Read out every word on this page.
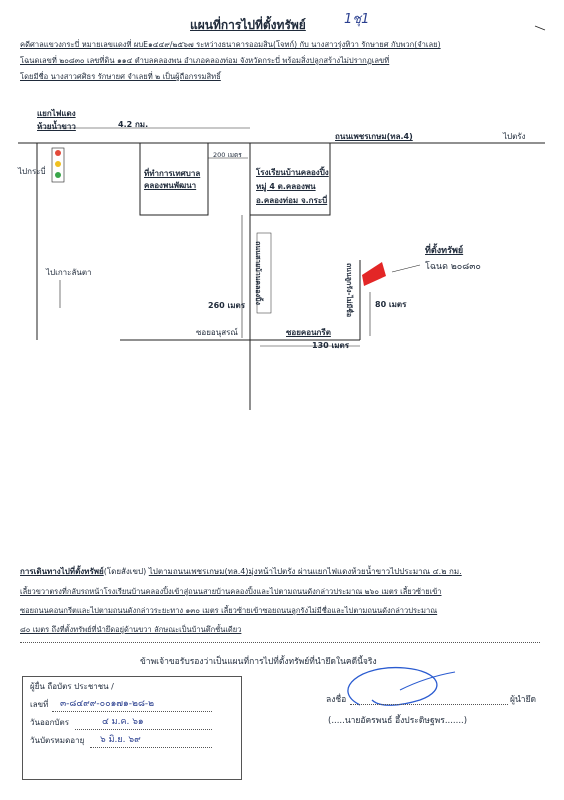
แผนที่การไปที่ตั้งทรัพย์	1ชุ1
คดีศาลแขวงกระบี่ หมายเลขแดงที่ ผบE๑๔๔๙/๒๕๖๗ ระหว่างธนาคารออมสิน(โจทก์) กับ นางสาวรุ่งทิวา รักษายศ กับพวก(จำเลย)
โฉนดเลขที่ ๒๐๘๓๐ เลขที่ดิน ๑๑๔ ตำบลคลองพน อำเภอคลองท่อม จังหวัดกระบี่ พร้อมสิ่งปลูกสร้างไม่ปรากฏเลขที่
โดยมีชื่อ นางสาวศศิธร รักษายศ จำเลยที่ ๒ เป็นผู้ถือกรรมสิทธิ์
แยกไฟแดง
ห้วยน้ำขาว	4.2 กม.
ถนนเพชรเกษม(ทล.4)	ไปตรัง
ไปกระบี่
ไปเกาะลันตา
ที่ทำการเทศบาล คลองพนพัฒนา
200 เมตร
โรงเรียนบ้านคลองปิ้ง
หมู่ 4 ต.คลองพน
อ.คลองท่อม จ.กระบี่
ถนนสายบ้านคลองปิ้ง
260 เมตร
ซอยอนุสรณ์	ซอยคอนกรีต
130 เมตร
ถนนลูกรัง-ไม่มีชื่อ	80 เมตร
ที่ตั้งทรัพย์
โฉนด ๒๐๘๓๐
การเดินทางไปที่ตั้งทรัพย์(โดยสังเขป) ไปตามถนนเพชรเกษม(ทล.4)มุ่งหน้าไปตรัง ผ่านแยกไฟแดงห้วยน้ำขาวไปประมาณ ๔.๒ กม.
เลี้ยวขวาตรงที่กลับรถหน้าโรงเรียนบ้านคลองปิ้งเข้าสู่ถนนสายบ้านคลองปิ้งและไปตามถนนดังกล่าวประมาณ ๒๖๐ เมตร เลี้ยวซ้ายเข้า
ซอยถนนคอนกรีตและไปตามถนนดังกล่าวระยะทาง ๑๓๐ เมตร เลี้ยวซ้ายเข้าซอยถนนลูกรังไม่มีชื่อและไปตามถนนดังกล่าวประมาณ
๘๐ เมตร ถึงที่ตั้งทรัพย์ที่นำยึดอยู่ด้านขวา ลักษณะเป็นบ้านตึกชั้นเดียว
ข้าพเจ้าขอรับรองว่าเป็นแผนที่การไปที่ตั้งทรัพย์ที่นำยึดในคดีนี้จริง
ผู้ยื่น ถือบัตร ประชาชน /
เลขที่ ๓-๘๔๙๙-๐๐๑๗๑-๒๘-๒
วันออกบัตร	๔ ม.ค. ๖๑
วันบัตรหมดอายุ ๖ มิ.ย. ๖๙
ลงชื่อ	ผู้นำยึด
(.....นายอัครพนธ์ อึ้งประดิษฐพร.......)
